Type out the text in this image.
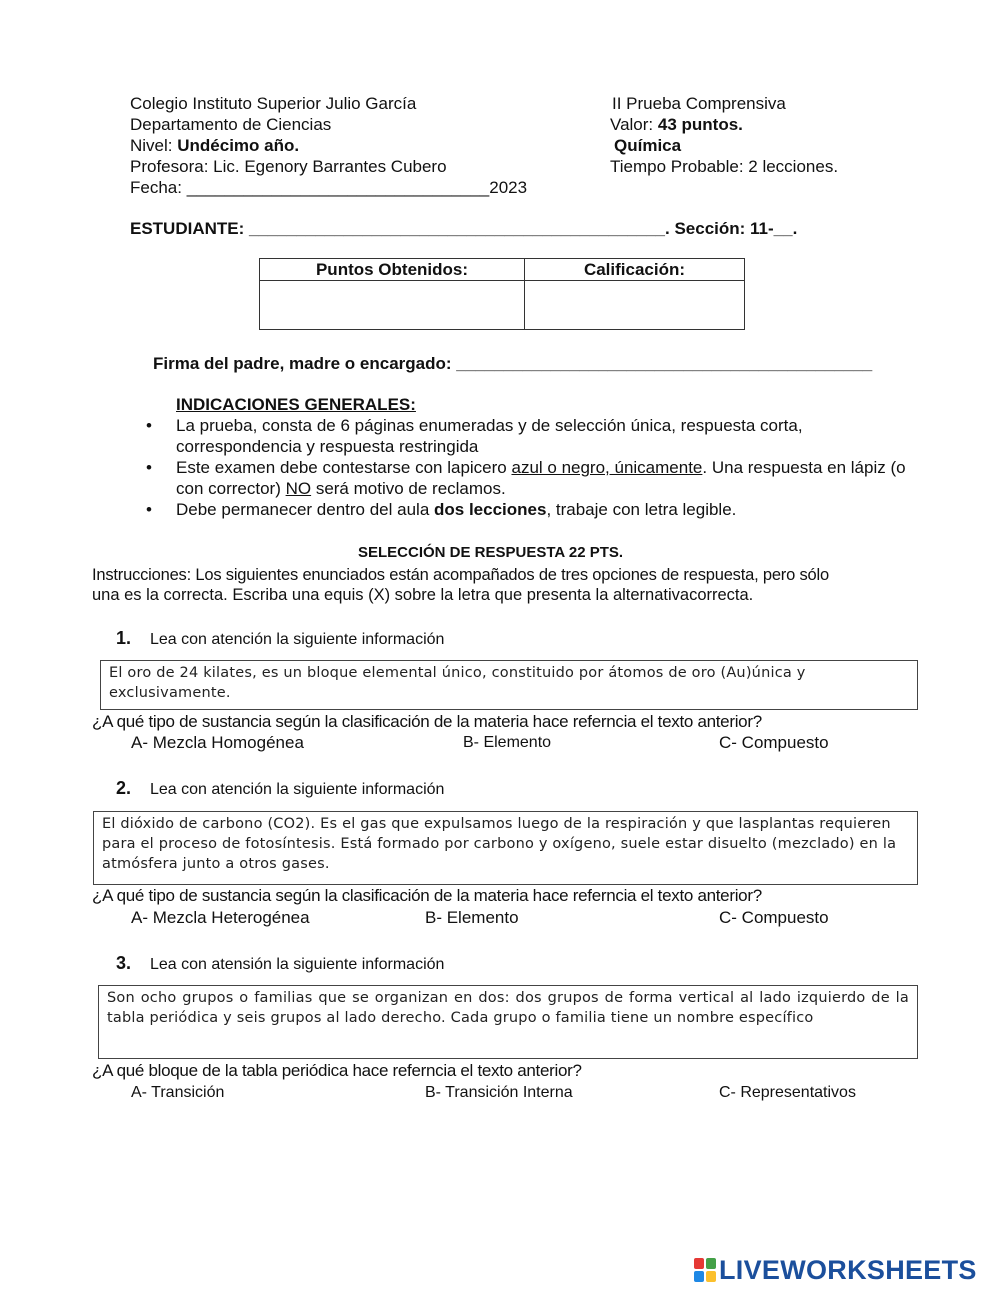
Colegio Instituto Superior Julio García
Departamento de Ciencias
Nivel: Undécimo año.
Profesora: Lic. Egenory Barrantes Cubero
Fecha: ________________________________2023
II Prueba Comprensiva
Valor: 43 puntos.
Química
Tiempo Probable: 2 lecciones.
ESTUDIANTE: ____________________________________________. Sección: 11-__.
Puntos Obtenidos:	Calificación:
Firma del padre, madre o encargado: ____________________________________________
INDICACIONES GENERALES:
• La prueba, consta de 6 páginas enumeradas y de selección única, respuesta corta, correspondencia y respuesta restringida
• Este examen debe contestarse con lapicero azul o negro, únicamente. Una respuesta en lápiz (o con corrector) NO será motivo de reclamos.
• Debe permanecer dentro del aula dos lecciones, trabaje con letra legible.
SELECCIÓN DE RESPUESTA 22 PTS.
Instrucciones: Los siguientes enunciados están acompañados de tres opciones de respuesta, pero sólo
una es la correcta. Escriba una equis (X) sobre la letra que presenta la alternativacorrecta.
1. Lea con atención la siguiente información
El oro de 24 kilates, es un bloque elemental único, constituido por átomos de oro (Au)única y exclusivamente.
¿A qué tipo de sustancia según la clasificación de la materia hace referncia el texto anterior?
A- Mezcla Homogénea	B- Elemento	C- Compuesto
2. Lea con atención la siguiente información
El dióxido de carbono (CO2). Es el gas que expulsamos luego de la respiración y que lasplantas requieren para el proceso de fotosíntesis. Está formado por carbono y oxígeno, suele estar disuelto (mezclado) en la atmósfera junto a otros gases.
¿A qué tipo de sustancia según la clasificación de la materia hace referncia el texto anterior?
A- Mezcla Heterogénea	B- Elemento	C- Compuesto
3. Lea con atensión la siguiente información
Son ocho grupos o familias que se organizan en dos: dos grupos de forma vertical al lado izquierdo de la tabla periódica y seis grupos al lado derecho. Cada grupo o familia tiene un nombre específico
¿A qué bloque de la tabla periódica hace referncia el texto anterior?
A- Transición	B- Transición Interna	C- Representativos
LIVEWORKSHEETS
